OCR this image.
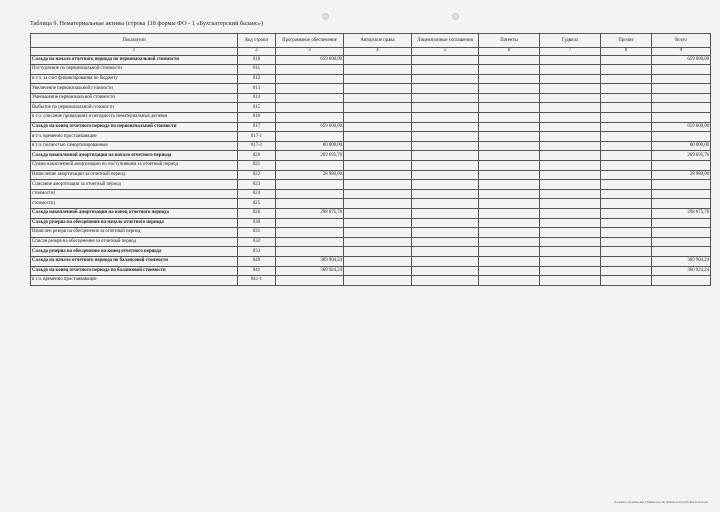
Таблица 9. Нематериальные активы (строка 118 формы ФО - 1 «Бухгалтерский баланс»)
Показатели	Код строки	Программное обеспечение	Авторские права	Лицензионные соглашения	Патенты	Гудвилл	Прочие	Всего
1	2	3	4	5	6	7	8	9
Сальдо на начало отчетного периода по первоначальной стоимости	010	659 600,00						659 600,00
Поступление по первоначальной стоимости	011							
в т.ч. за счет финансирования по бюджету	012							
Увеличение первоначальной стоимости	013							
Уменьшение первоначальной стоимости	014							
Выбытие по первоначальной стоимости	015							
в т.ч. списание пришедших в негодность нематериальных активов	016							
Сальдо на конец отчетного периода по первоначальной стоимости	017	659 600,00						659 600,00
в т.ч. временно простаивающие	017-1							
в т.ч. полностью самортизированные	017-2	80 000,00						80 000,00
Сальдо накопленной амортизации на начало отчетного периода	020	269 695,76						269 695,76
Сумма накопленной амортизации по поступившим за отчетный период	021							
Начисление амортизации за отчетный период	022	28 980,00						28 980,00
Списание амортизации за отчетный период	023							
стоимости)	024							
стоимости)	025							
Сальдо накопленной амортизации на конец отчетного периода	026	298 675,76						298 675,76
Сальдо резерва на обесценение на начало отчетного периода	030							
Начислен резерв на обесценение за отчетный период	031							
Списан резерв на обесценение за отчетный период	032							
Сальдо резерва на обесценение на конец отчетного периода	033							
Сальдо на начало отчетного периода по балансовой стоимости	040	389 904,24						389 904,24
Сальдо на конец отчетного периода по балансовой стоимости	041	360 924,24						360 924,24
в т.ч. временно простаивающие	041-1							
Документ сформирован в Министерстве финансов Республики Казахстан
